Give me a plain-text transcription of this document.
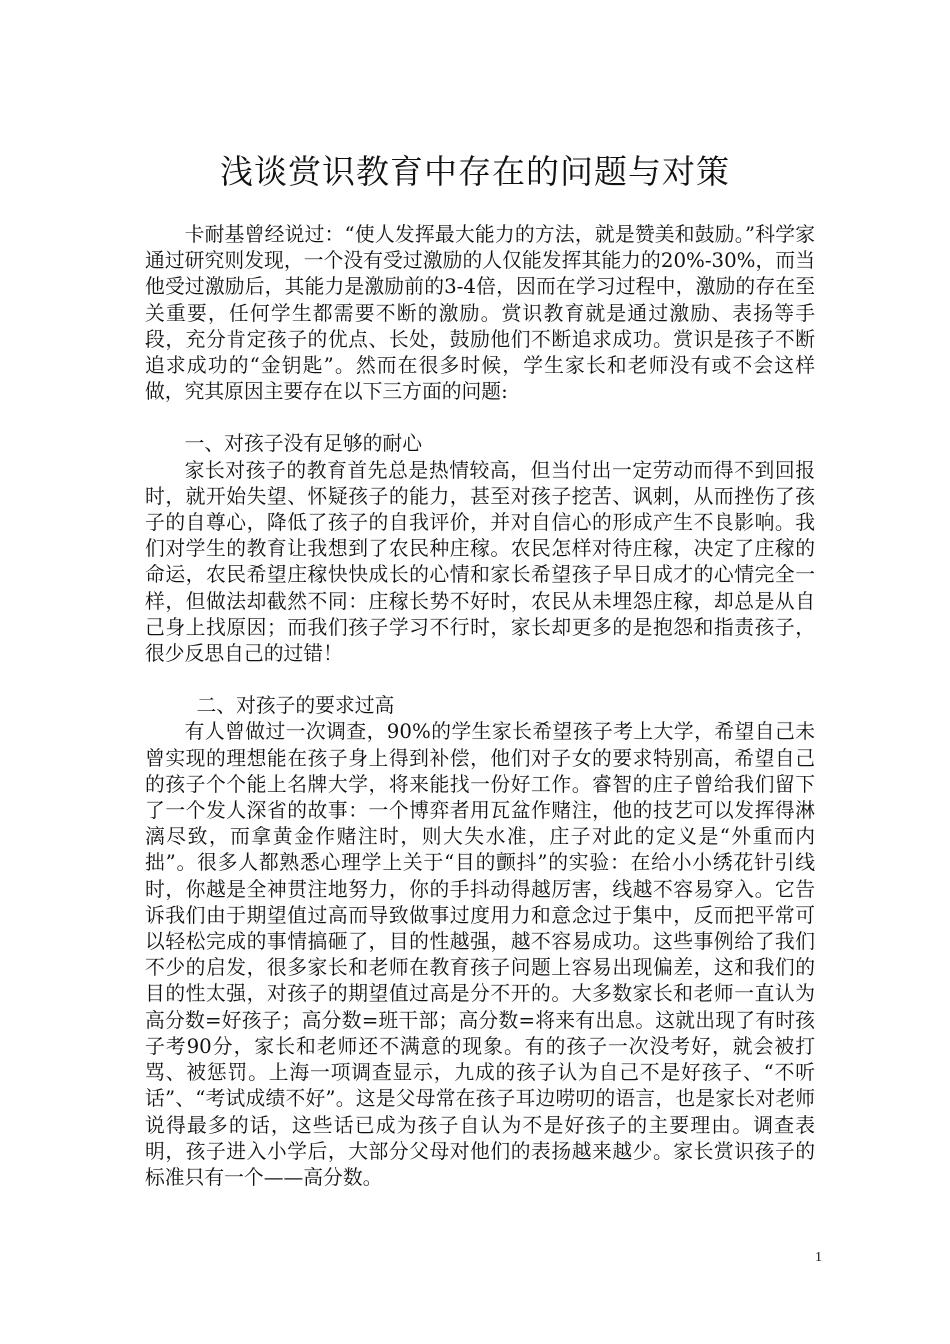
浅谈赏识教育中存在的问题与对策

卡耐基曾经说过：“使人发挥最大能力的方法，就是赞美和鼓励。”科学家通过研究则发现，一个没有受过激励的人仅能发挥其能力的20%-30%，而当他受过激励后，其能力是激励前的3-4倍，因而在学习过程中，激励的存在至关重要，任何学生都需要不断的激励。赏识教育就是通过激励、表扬等手段，充分肯定孩子的优点、长处，鼓励他们不断追求成功。赏识是孩子不断追求成功的“金钥匙”。然而在很多时候，学生家长和老师没有或不会这样做，究其原因主要存在以下三方面的问题:

一、对孩子没有足够的耐心

家长对孩子的教育首先总是热情较高，但当付出一定劳动而得不到回报时，就开始失望、怀疑孩子的能力，甚至对孩子挖苦、讽刺，从而挫伤了孩子的自尊心，降低了孩子的自我评价，并对自信心的形成产生不良影响。我们对学生的教育让我想到了农民种庄稼。农民怎样对待庄稼，决定了庄稼的命运，农民希望庄稼快快成长的心情和家长希望孩子早日成才的心情完全一样，但做法却截然不同：庄稼长势不好时，农民从未埋怨庄稼，却总是从自己身上找原因；而我们孩子学习不行时，家长却更多的是抱怨和指责孩子，很少反思自己的过错！

二、对孩子的要求过高

有人曾做过一次调查，90%的学生家长希望孩子考上大学，希望自己未曾实现的理想能在孩子身上得到补偿，他们对子女的要求特别高，希望自己的孩子个个能上名牌大学，将来能找一份好工作。睿智的庄子曾给我们留下了一个发人深省的故事：一个博弈者用瓦盆作赌注，他的技艺可以发挥得淋漓尽致，而拿黄金作赌注时，则大失水准，庄子对此的定义是“外重而内拙”。很多人都熟悉心理学上关于“目的颤抖”的实验：在给小小绣花针引线时，你越是全神贯注地努力，你的手抖动得越厉害，线越不容易穿入。它告诉我们由于期望值过高而导致做事过度用力和意念过于集中，反而把平常可以轻松完成的事情搞砸了，目的性越强，越不容易成功。这些事例给了我们不少的启发，很多家长和老师在教育孩子问题上容易出现偏差，这和我们的目的性太强，对孩子的期望值过高是分不开的。大多数家长和老师一直认为高分数=好孩子；高分数=班干部；高分数=将来有出息。这就出现了有时孩子考90分，家长和老师还不满意的现象。有的孩子一次没考好，就会被打骂、被惩罚。上海一项调查显示，九成的孩子认为自己不是好孩子、“不听话”、“考试成绩不好”。这是父母常在孩子耳边唠叨的语言，也是家长对老师说得最多的话，这些话已成为孩子自认为不是好孩子的主要理由。调查表明，孩子进入小学后，大部分父母对他们的表扬越来越少。家长赏识孩子的标准只有一个——高分数。

1
